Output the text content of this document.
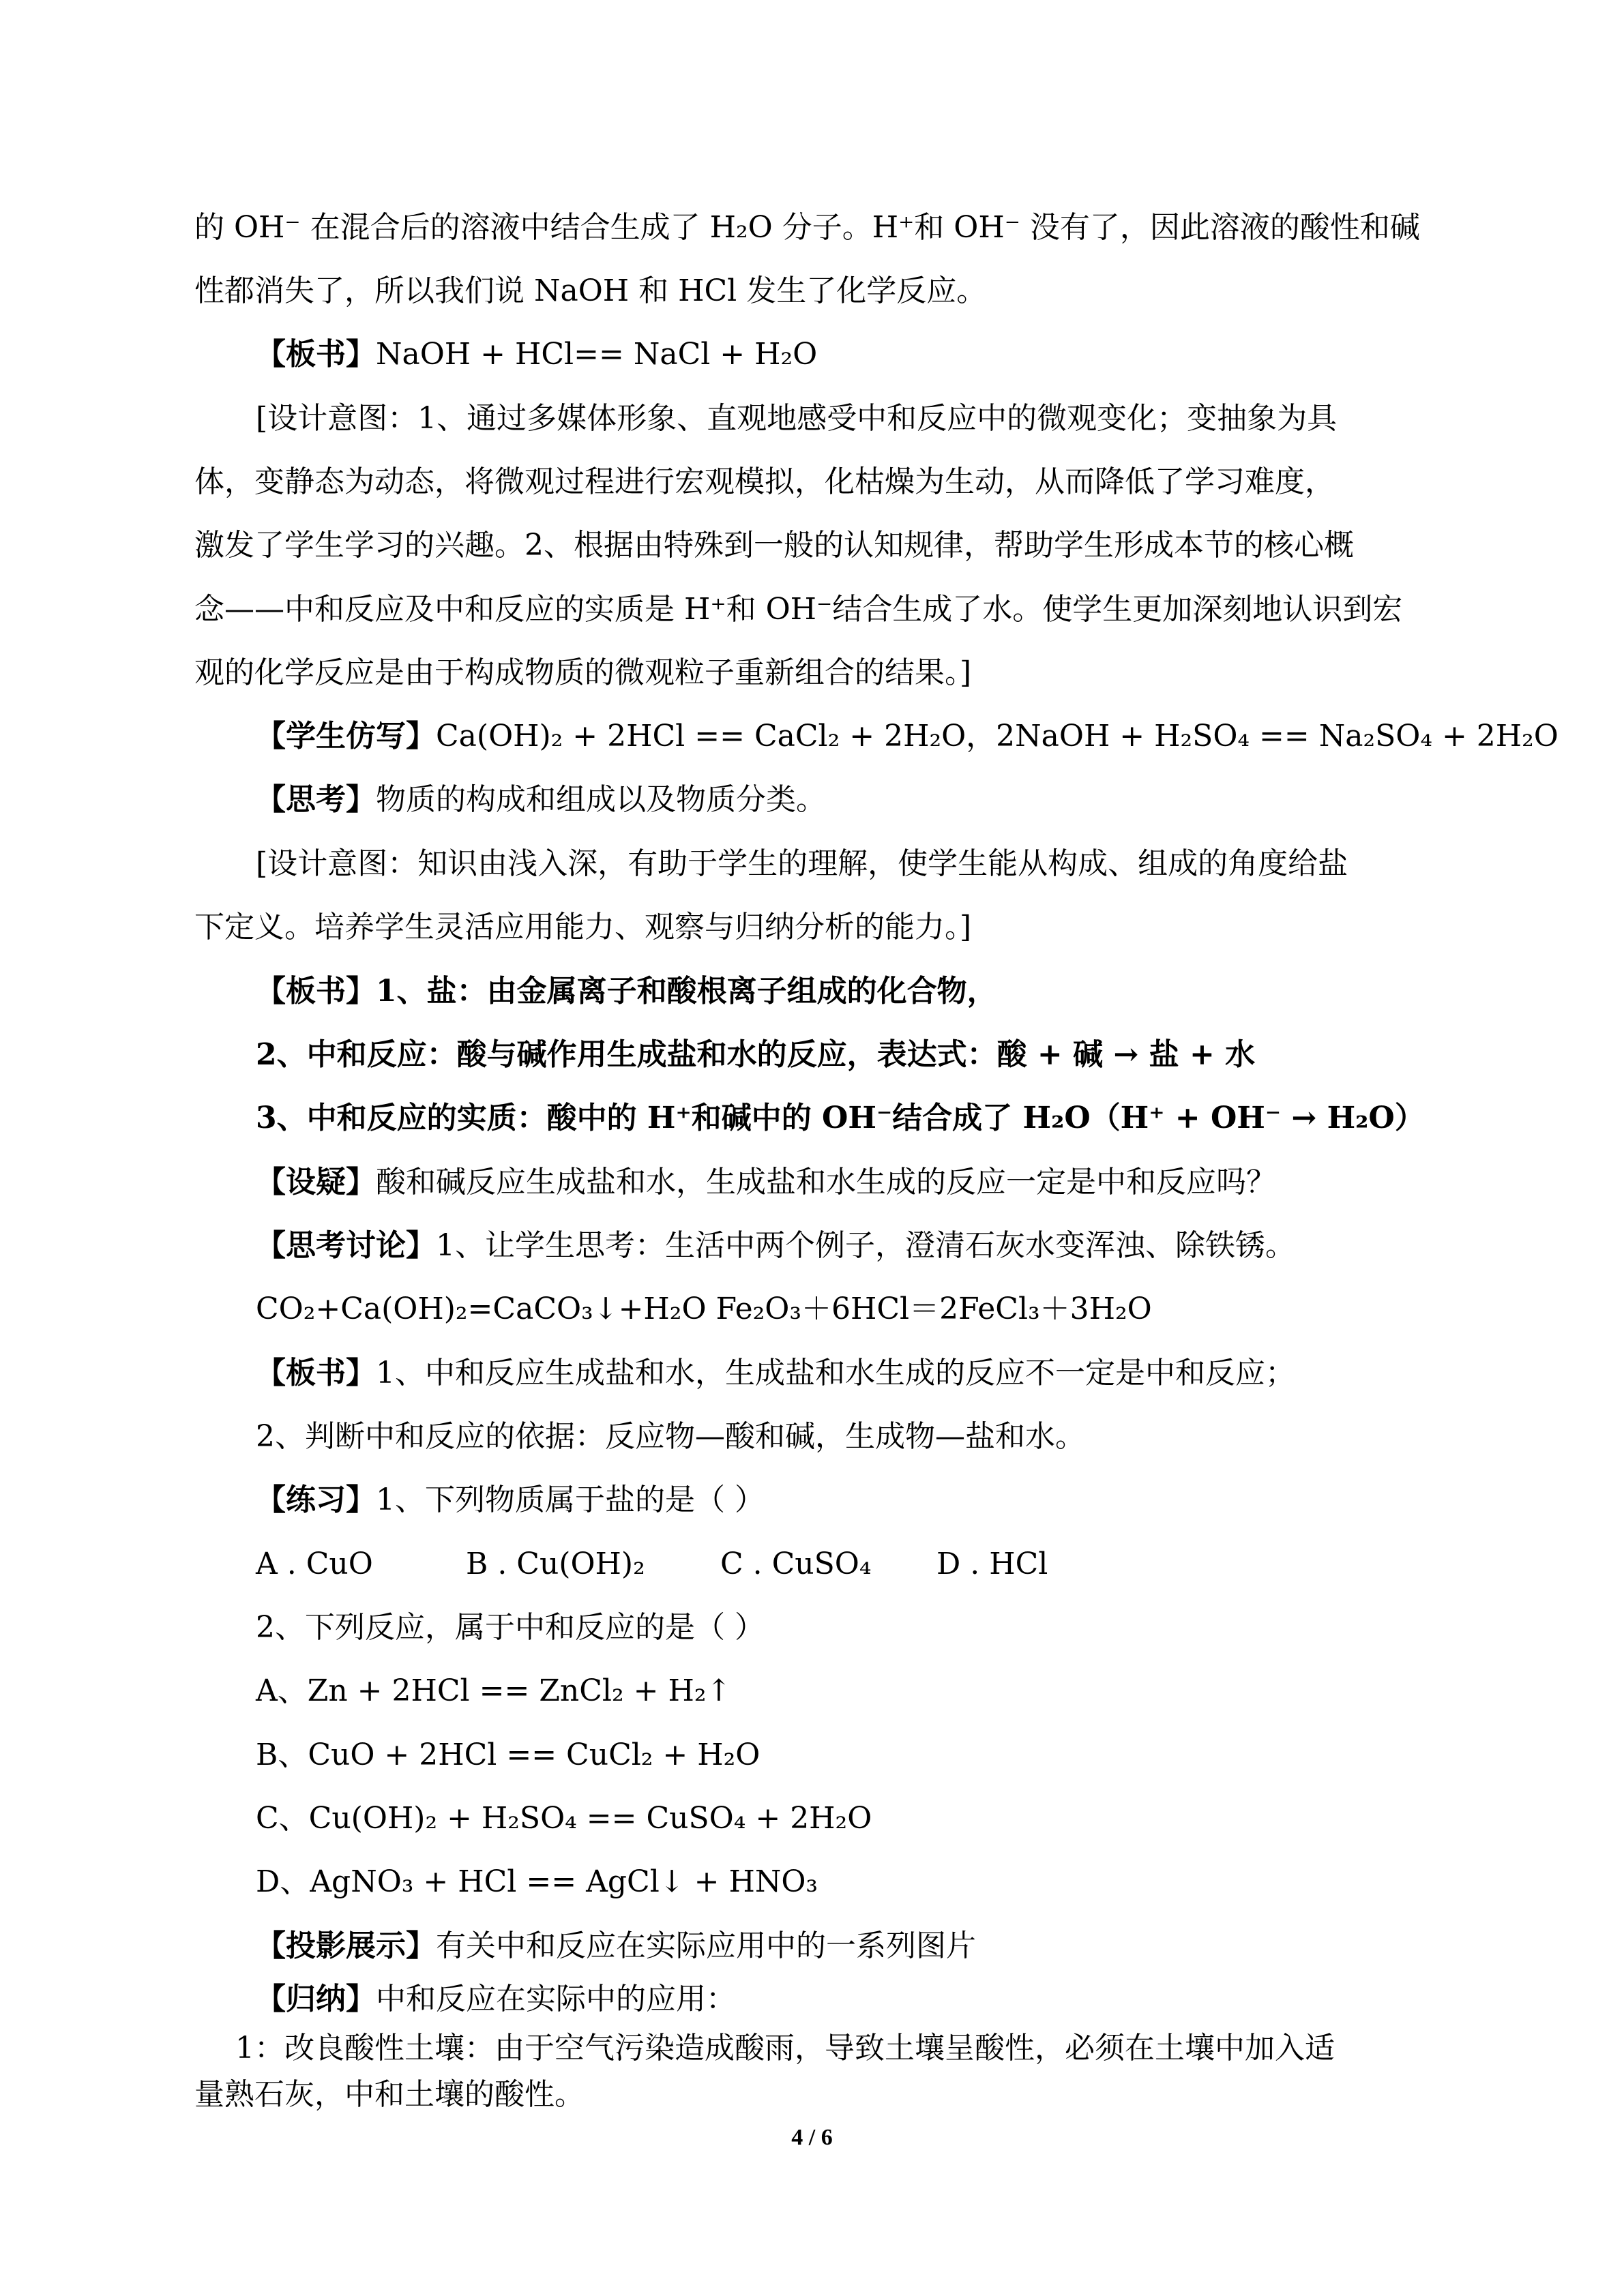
的 OH⁻ 在混合后的溶液中结合生成了 H₂O 分子。H⁺和 OH⁻ 没有了，因此溶液的酸性和碱
性都消失了，所以我们说 NaOH 和 HCl 发生了化学反应。
【板书】NaOH + HCl== NaCl + H₂O
[设计意图：1、通过多媒体形象、直观地感受中和反应中的微观变化；变抽象为具
体，变静态为动态，将微观过程进行宏观模拟，化枯燥为生动，从而降低了学习难度，
激发了学生学习的兴趣。2、根据由特殊到一般的认知规律，帮助学生形成本节的核心概
念——中和反应及中和反应的实质是 H⁺和 OH⁻结合生成了水。使学生更加深刻地认识到宏
观的化学反应是由于构成物质的微观粒子重新组合的结果。]
【学生仿写】Ca(OH)₂ + 2HCl == CaCl₂ + 2H₂O，2NaOH + H₂SO₄ == Na₂SO₄ + 2H₂O
【思考】物质的构成和组成以及物质分类。
[设计意图：知识由浅入深，有助于学生的理解，使学生能从构成、组成的角度给盐
下定义。培养学生灵活应用能力、观察与归纳分析的能力。]
【板书】1、盐：由金属离子和酸根离子组成的化合物，
2、中和反应：酸与碱作用生成盐和水的反应，表达式：酸 + 碱 → 盐 + 水
3、中和反应的实质：酸中的 H⁺和碱中的 OH⁻结合成了 H₂O（H⁺ + OH⁻ → H₂O）
【设疑】酸和碱反应生成盐和水，生成盐和水生成的反应一定是中和反应吗？
【思考讨论】1、让学生思考：生活中两个例子，澄清石灰水变浑浊、除铁锈。
CO₂+Ca(OH)₂=CaCO₃↓+H₂O Fe₂O₃＋6HCl＝2FeCl₃＋3H₂O
【板书】1、中和反应生成盐和水，生成盐和水生成的反应不一定是中和反应；
2、判断中和反应的依据：反应物—酸和碱，生成物—盐和水。
【练习】1、下列物质属于盐的是（ ）
A . CuO	B . Cu(OH)₂	C . CuSO₄ D . HCl
2、下列反应，属于中和反应的是（ ）
A、Zn + 2HCl == ZnCl₂ + H₂↑
B、CuO + 2HCl == CuCl₂ + H₂O
C、Cu(OH)₂ + H₂SO₄ == CuSO₄ + 2H₂O
D、AgNO₃ + HCl == AgCl↓ + HNO₃
【投影展示】有关中和反应在实际应用中的一系列图片
【归纳】中和反应在实际中的应用：
1：改良酸性土壤：由于空气污染造成酸雨，导致土壤呈酸性，必须在土壤中加入适
量熟石灰，中和土壤的酸性。
4 / 6
